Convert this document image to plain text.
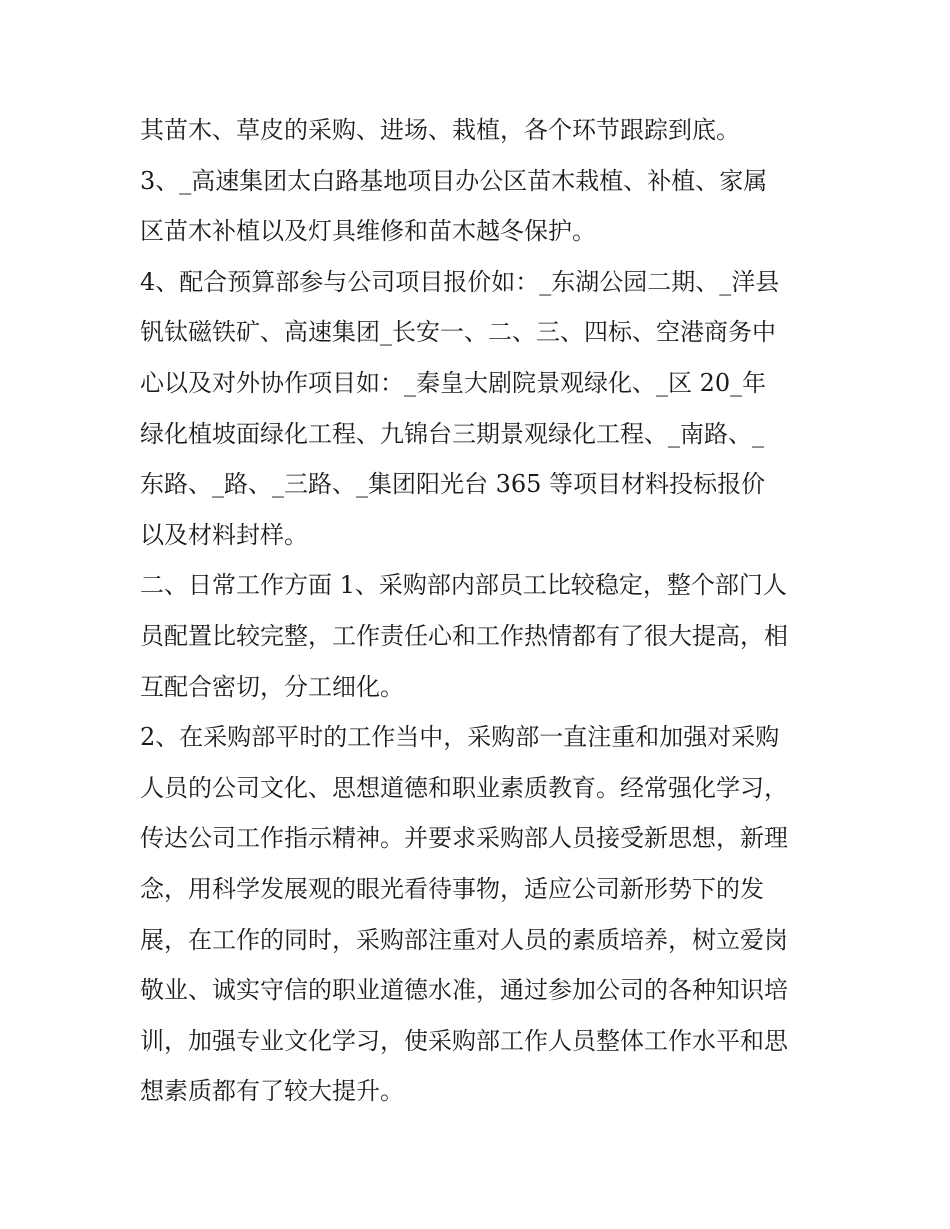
其苗木、草皮的采购、进场、栽植，各个环节跟踪到底。
3、_高速集团太白路基地项目办公区苗木栽植、补植、家属
区苗木补植以及灯具维修和苗木越冬保护。
4、配合预算部参与公司项目报价如：_东湖公园二期、_洋县
钒钛磁铁矿、高速集团_长安一、二、三、四标、空港商务中
心以及对外协作项目如：_秦皇大剧院景观绿化、_区 20_年
绿化植坡面绿化工程、九锦台三期景观绿化工程、_南路、_
东路、_路、_三路、_集团阳光台 365 等项目材料投标报价
以及材料封样。
二、日常工作方面 1、采购部内部员工比较稳定，整个部门人
员配置比较完整，工作责任心和工作热情都有了很大提高，相
互配合密切，分工细化。
2、在采购部平时的工作当中，采购部一直注重和加强对采购
人员的公司文化、思想道德和职业素质教育。经常强化学习，
传达公司工作指示精神。并要求采购部人员接受新思想，新理
念，用科学发展观的眼光看待事物，适应公司新形势下的发
展，在工作的同时，采购部注重对人员的素质培养，树立爱岗
敬业、诚实守信的职业道德水准，通过参加公司的各种知识培
训，加强专业文化学习，使采购部工作人员整体工作水平和思
想素质都有了较大提升。
